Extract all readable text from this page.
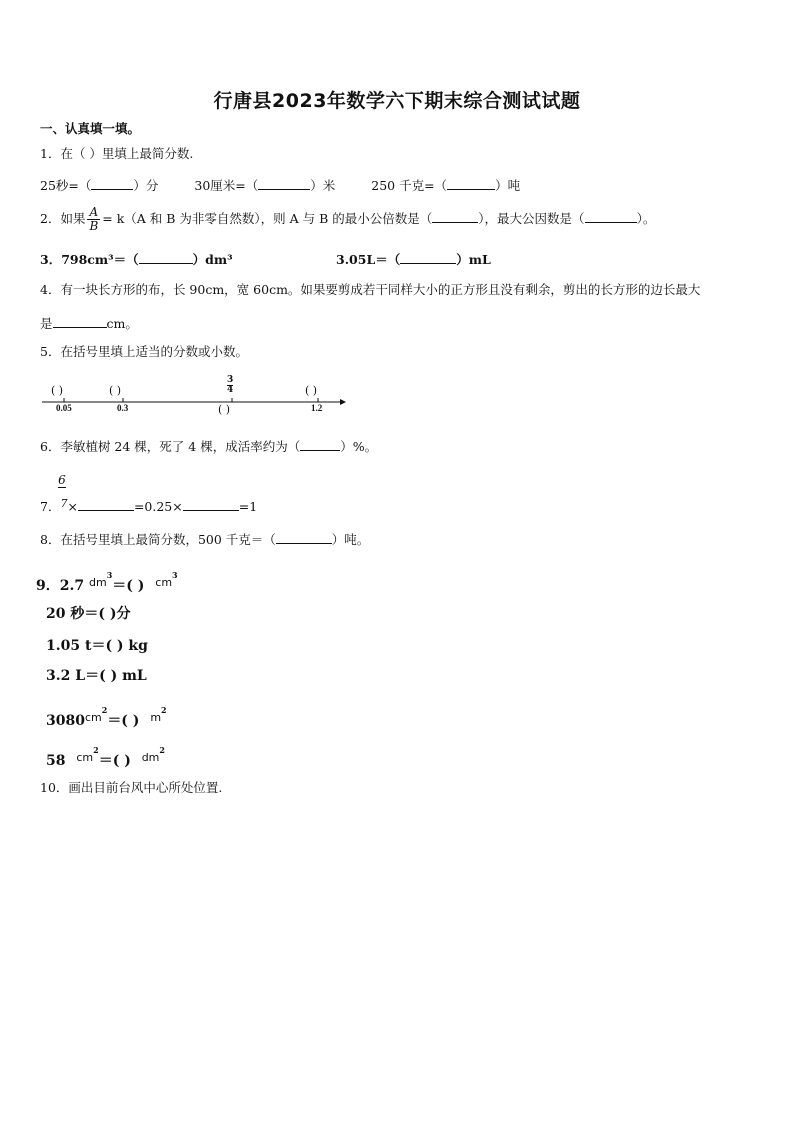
行唐县2023年数学六下期末综合测试试题
一、认真填一填。
1．在（ ）里填上最简分数.
25秒=（	）分	30厘米=（	）米	250 千克=（	）吨
2．如果 $\frac{A}{B} = k(A$ 和 B 为非零自然数），则 A 与 B 的最小公倍数是（	），最大公因数是（	）。
3．798cm³＝（	）dm³	3.05L＝（	）mL
4．有一块长方形的布，长 90cm，宽 60cm。如果要剪成若干同样大小的正方形且没有剩余，剪出的长方形的边长最大
是	cm。
5．在括号里填上适当的分数或小数。
( )	( )	( )
( )
0.05	0.3	1.2
3
4
6．李敏植树 24 棵，死了 4 棵，成活率约为（	）%。
6
7．7×	=0.25×	=1
8．在括号里填上最简分数，500 千克＝（	）吨。
9．2.7 $^{dm3}$＝( ) $^{cm3}$
20 秒＝( )分
1.05 t＝( ) kg
3.2 L＝( ) mL
$3080^{cm2}=$( ) $^{m2}$
58 $^{cm2}$＝( ) $^{dm2}$
10．画出目前台风中心所处位置.
